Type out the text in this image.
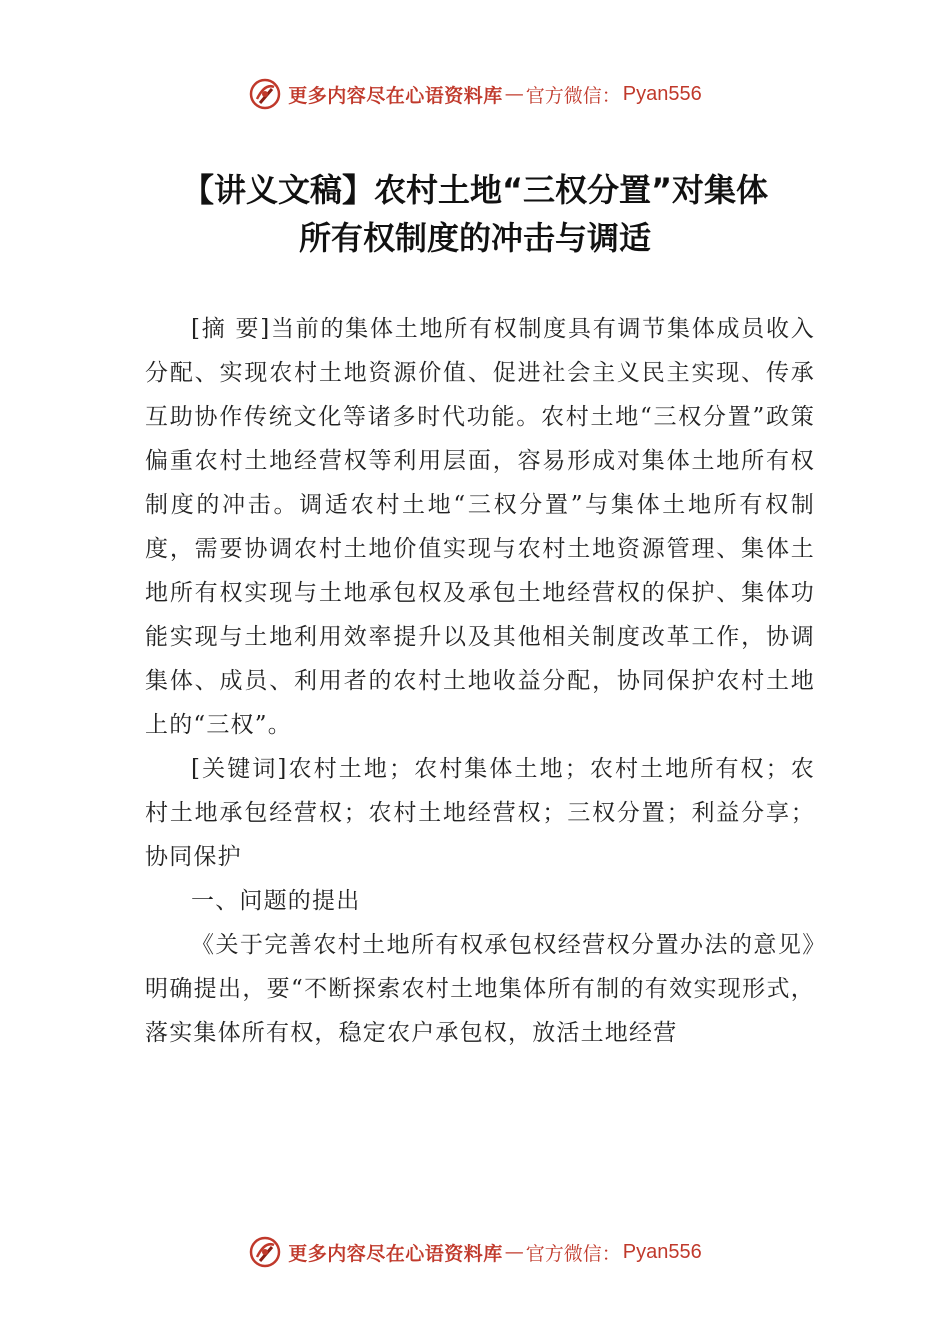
更多内容尽在心语资料库 — 官方微信： Pyan556
【讲义文稿】农村土地“三权分置”对集体
所有权制度的冲击与调适

[摘 要]当前的集体土地所有权制度具有调节集体成员收入分配、实现农村土地资源价值、促进社会主义民主实现、传承互助协作传统文化等诸多时代功能。农村土地“三权分置”政策偏重农村土地经营权等利用层面，容易形成对集体土地所有权制度的冲击。调适农村土地“三权分置”与集体土地所有权制度，需要协调农村土地价值实现与农村土地资源管理、集体土地所有权实现与土地承包权及承包土地经营权的保护、集体功能实现与土地利用效率提升以及其他相关制度改革工作，协调集体、成员、利用者的农村土地收益分配，协同保护农村土地上的“三权”。

[关键词]农村土地；农村集体土地；农村土地所有权；农村土地承包经营权；农村土地经营权；三权分置；利益分享；协同保护

一、问题的提出

《关于完善农村土地所有权承包权经营权分置办法的意见》明确提出，要“不断探索农村土地集体所有制的有效实现形式，落实集体所有权，稳定农户承包权，放活土地经营

更多内容尽在心语资料库 — 官方微信： Pyan556
